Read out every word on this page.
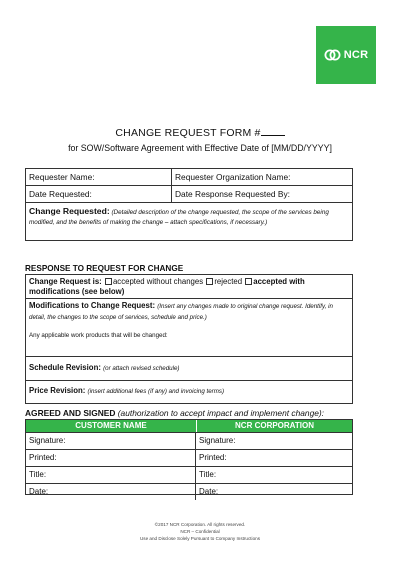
NCR
CHANGE REQUEST FORM #
for SOW/Software Agreement with Effective Date of [MM/DD/YYYY]
Requester Name:	Requester Organization Name:
Date Requested:	Date Response Requested By:
Change Requested: (Detailed description of the change requested, the scope of the services being modified, and the benefits of making the change – attach specifications, if necessary.)
RESPONSE TO REQUEST FOR CHANGE
Change Request is: accepted without changes rejected accepted with modifications (see below)
Modifications to Change Request: (Insert any changes made to original change request. Identify, in detail, the changes to the scope of services, schedule and price.)
Any applicable work products that will be changed:
Schedule Revision: (or attach revised schedule)
Price Revision: (insert additional fees (if any) and invoicing terms)
AGREED AND SIGNED (authorization to accept impact and implement change):
CUSTOMER NAME	NCR CORPORATION
Signature:	Signature:
Printed:	Printed:
Title:	Title:
Date:	Date:
©2017 NCR Corporation. All rights reserved.
NCR – Confidential
Use and Disclose Solely Pursuant to Company Instructions
